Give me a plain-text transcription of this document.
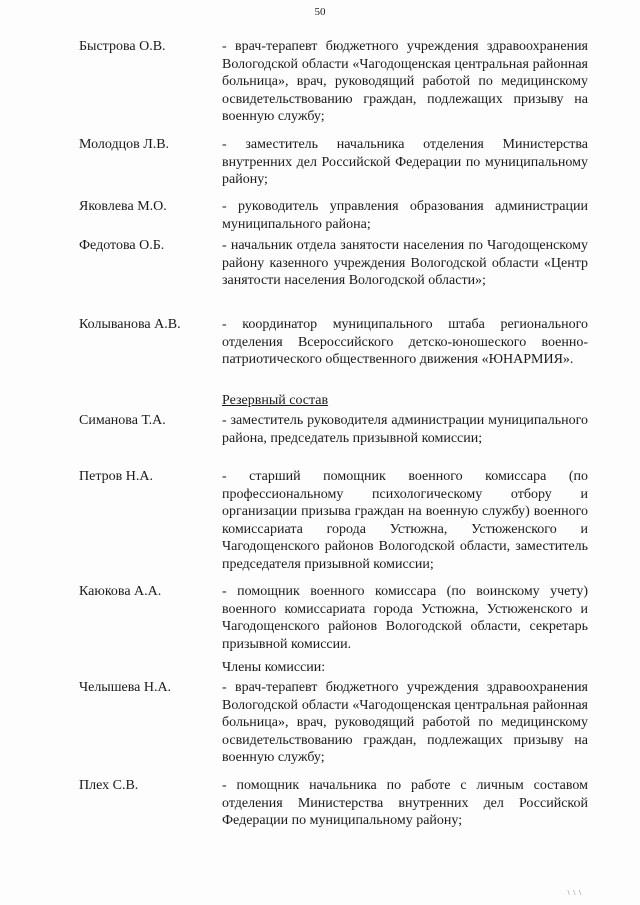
50
Быстрова О.В.	- врач-терапевт бюджетного учреждения здравоохранения Вологодской области «Чагодощенская центральная районная больница», врач, руководящий работой по медицинскому освидетельствованию граждан, подлежащих призыву на военную службу;
Молодцов Л.В.	- заместитель начальника отделения Министерства внутренних дел Российской Федерации по муниципальному району;
Яковлева М.О.	- руководитель управления образования администрации муниципального района;
Федотова О.Б.	- начальник отдела занятости населения по Чагодощенскому району казенного учреждения Вологодской области «Центр занятости населения Вологодской области»;
Колыванова А.В.	- координатор муниципального штаба регионального отделения Всероссийского детско-юношеского военно-патриотического общественного движения «ЮНАРМИЯ».
Резервный состав
Симанова Т.А.	- заместитель руководителя администрации муниципального района, председатель призывной комиссии;
Петров Н.А.	- старший помощник военного комиссара (по профессиональному психологическому отбору и организации призыва граждан на военную службу) военного комиссариата города Устюжна, Устюженского и Чагодощенского районов Вологодской области, заместитель председателя призывной комиссии;
Каюкова А.А.	- помощник военного комиссара (по воинскому учету) военного комиссариата города Устюжна, Устюженского и Чагодощенского районов Вологодской области, секретарь призывной комиссии.
Члены комиссии:
Челышева Н.А.	- врач-терапевт бюджетного учреждения здравоохранения Вологодской области «Чагодощенская центральная районная больница», врач, руководящий работой по медицинскому освидетельствованию граждан, подлежащих призыву на военную службу;
Плех С.В.	- помощник начальника по работе с личным составом отделения Министерства внутренних дел Российской Федерации по муниципальному району;
\ \ \
